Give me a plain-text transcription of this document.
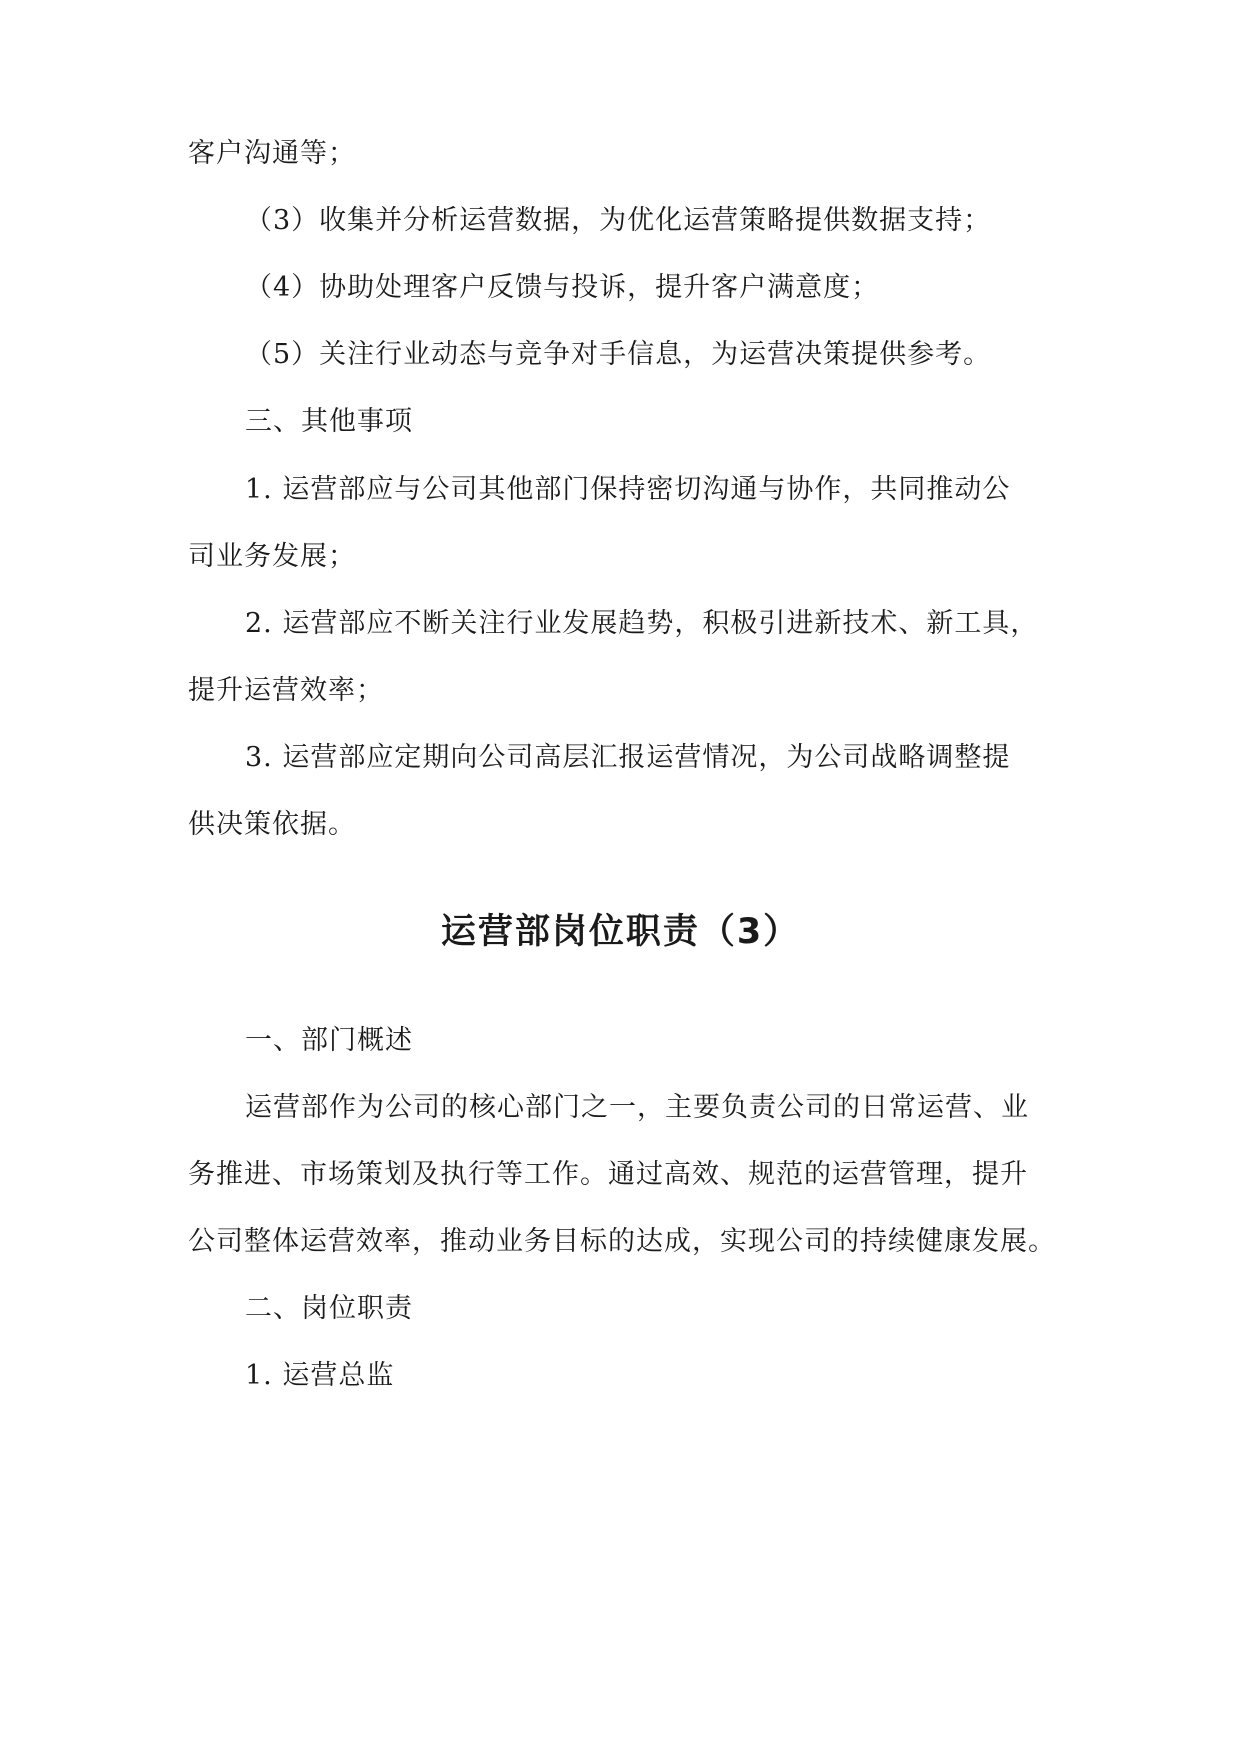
客户沟通等；
（3）收集并分析运营数据，为优化运营策略提供数据支持；
（4）协助处理客户反馈与投诉，提升客户满意度；
（5）关注行业动态与竞争对手信息，为运营决策提供参考。
三、其他事项
1. 运营部应与公司其他部门保持密切沟通与协作，共同推动公
司业务发展；
2. 运营部应不断关注行业发展趋势，积极引进新技术、新工具，
提升运营效率；
3. 运营部应定期向公司高层汇报运营情况，为公司战略调整提
供决策依据。
运营部岗位职责（3）
一、部门概述
运营部作为公司的核心部门之一，主要负责公司的日常运营、业
务推进、市场策划及执行等工作。通过高效、规范的运营管理，提升
公司整体运营效率，推动业务目标的达成，实现公司的持续健康发展。
二、岗位职责
1. 运营总监
